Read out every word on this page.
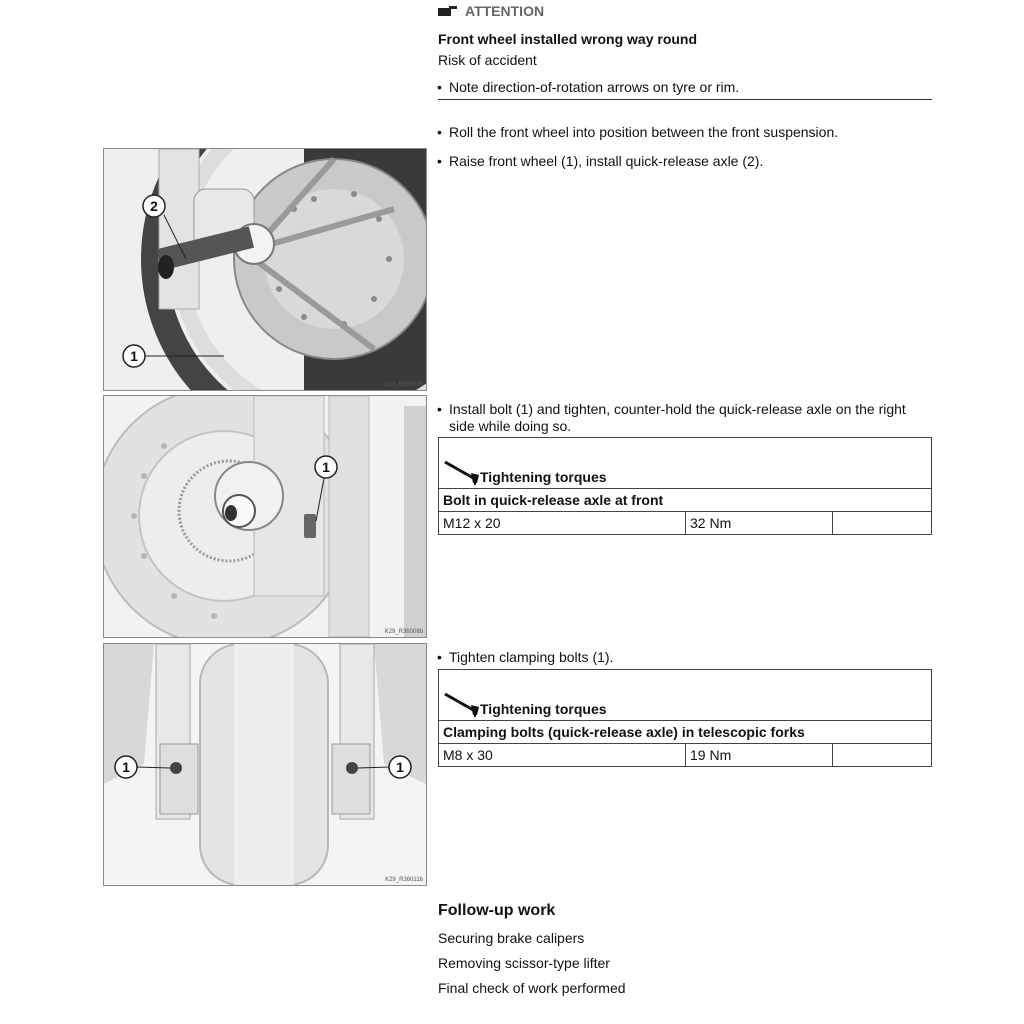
ATTENTION
Front wheel installed wrong way round
Risk of accident
• Note direction-of-rotation arrows on tyre or rim.
• Roll the front wheel into position between the front suspension.
• Raise front wheel (1), install quick-release axle (2).
2
1
K29_R36009b
• Install bolt (1) and tighten, counter-hold the quick-release axle on the right
side while doing so.
1
K29_R36008b
Tightening torques
Bolt in quick-release axle at front
M12 x 20	32 Nm	
1	1
K29_R36011b
• Tighten clamping bolts (1).
Tightening torques
Clamping bolts (quick-release axle) in telescopic forks
M8 x 30	19 Nm	
Follow-up work
Securing brake calipers
Removing scissor-type lifter
Final check of work performed
